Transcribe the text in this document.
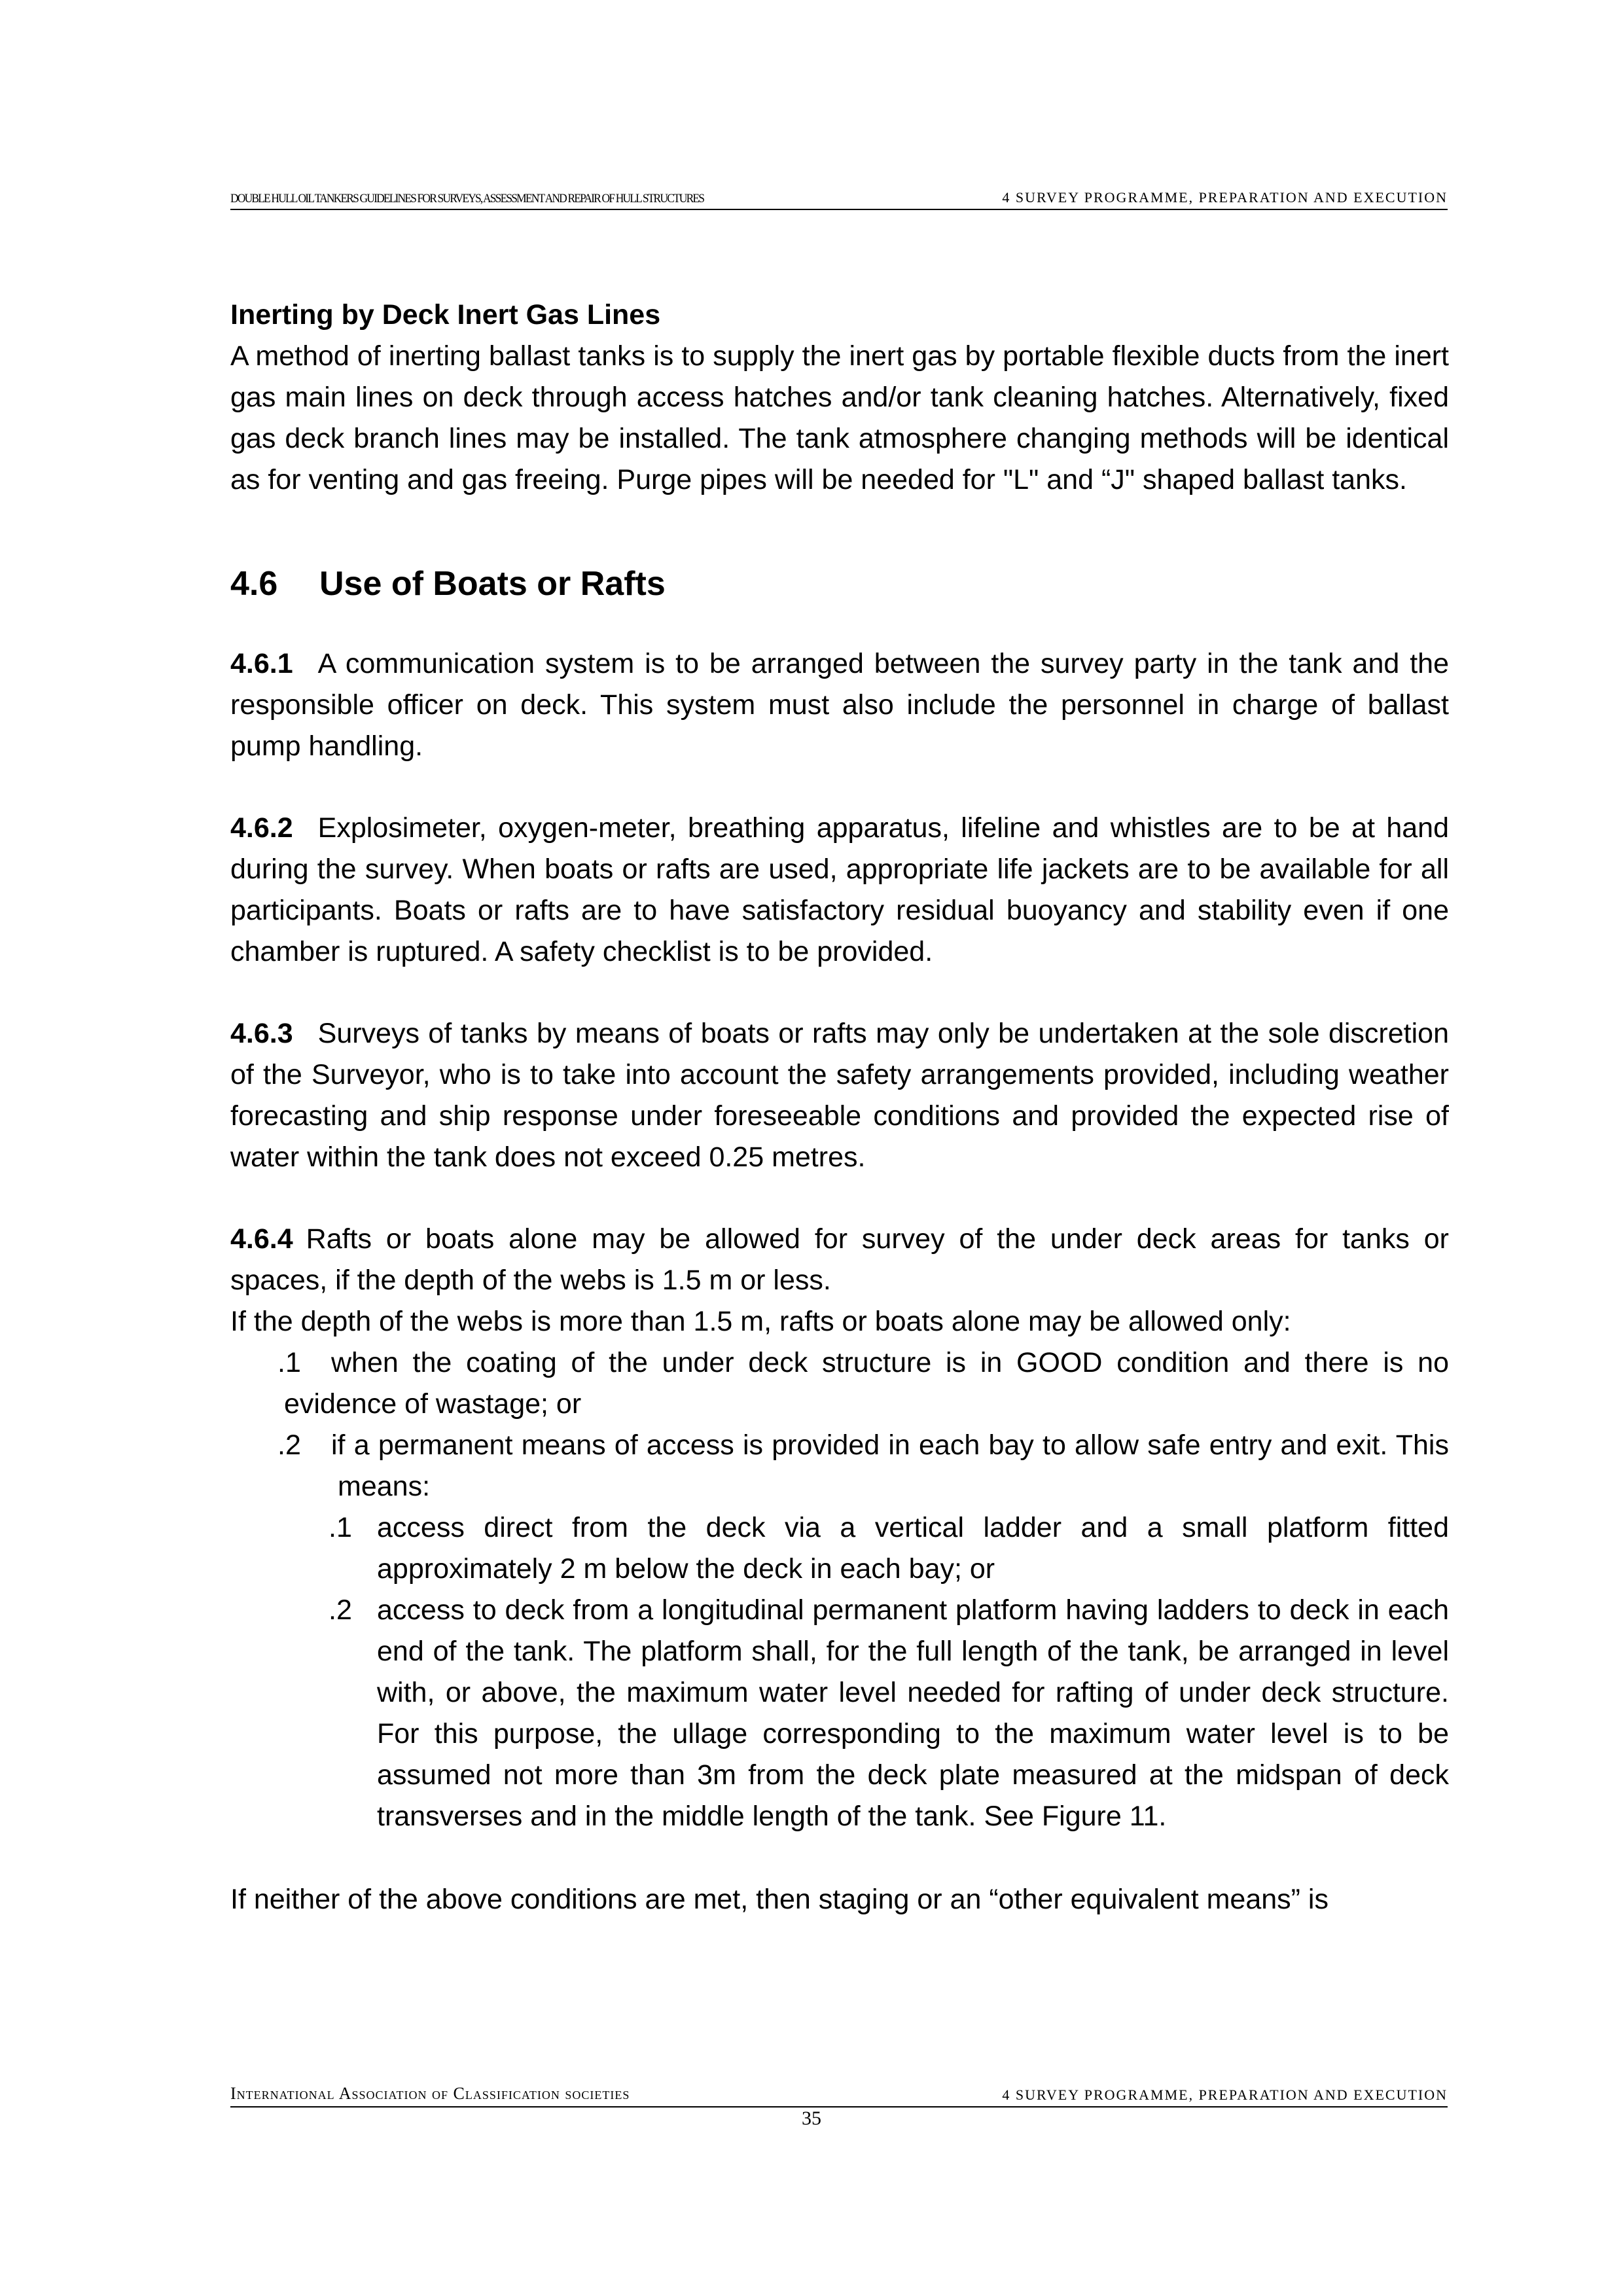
DOUBLE HULL OIL TANKERS GUIDELINES FOR SURVEYS, ASSESSMENT AND REPAIR OF HULL STRUCTURES	4 SURVEY PROGRAMME, PREPARATION AND EXECUTION

Inerting by Deck Inert Gas Lines

A method of inerting ballast tanks is to supply the inert gas by portable flexible ducts from the inert gas main lines on deck through access hatches and/or tank cleaning hatches. Alternatively, fixed gas deck branch lines may be installed. The tank atmosphere changing methods will be identical as for venting and gas freeing. Purge pipes will be needed for "L" and “J" shaped ballast tanks.

4.6 Use of Boats or Rafts

4.6.1 A communication system is to be arranged between the survey party in the tank and the responsible officer on deck. This system must also include the personnel in charge of ballast pump handling.

4.6.2 Explosimeter, oxygen-meter, breathing apparatus, lifeline and whistles are to be at hand during the survey. When boats or rafts are used, appropriate life jackets are to be available for all participants. Boats or rafts are to have satisfactory residual buoyancy and stability even if one chamber is ruptured. A safety checklist is to be provided.

4.6.3 Surveys of tanks by means of boats or rafts may only be undertaken at the sole discretion of the Surveyor, who is to take into account the safety arrangements provided, including weather forecasting and ship response under foreseeable conditions and provided the expected rise of water within the tank does not exceed 0.25 metres.

4.6.4 Rafts or boats alone may be allowed for survey of the under deck areas for tanks or spaces, if the depth of the webs is 1.5 m or less.

If the depth of the webs is more than 1.5 m, rafts or boats alone may be allowed only:

.1	when the coating of the under deck structure is in GOOD condition and there is no evidence of wastage; or

.2	if a permanent means of access is provided in each bay to allow safe entry and exit. This means:

.1 access direct from the deck via a vertical ladder and a small platform fitted approximately 2 m below the deck in each bay; or

.2 access to deck from a longitudinal permanent platform having ladders to deck in each end of the tank. The platform shall, for the full length of the tank, be arranged in level with, or above, the maximum water level needed for rafting of under deck structure. For this purpose, the ullage corresponding to the maximum water level is to be assumed not more than 3m from the deck plate measured at the midspan of deck transverses and in the middle length of the tank. See Figure 11.

If neither of the above conditions are met, then staging or an “other equivalent means” is

International Association of Classification societies	4 SURVEY PROGRAMME, PREPARATION AND EXECUTION
35
